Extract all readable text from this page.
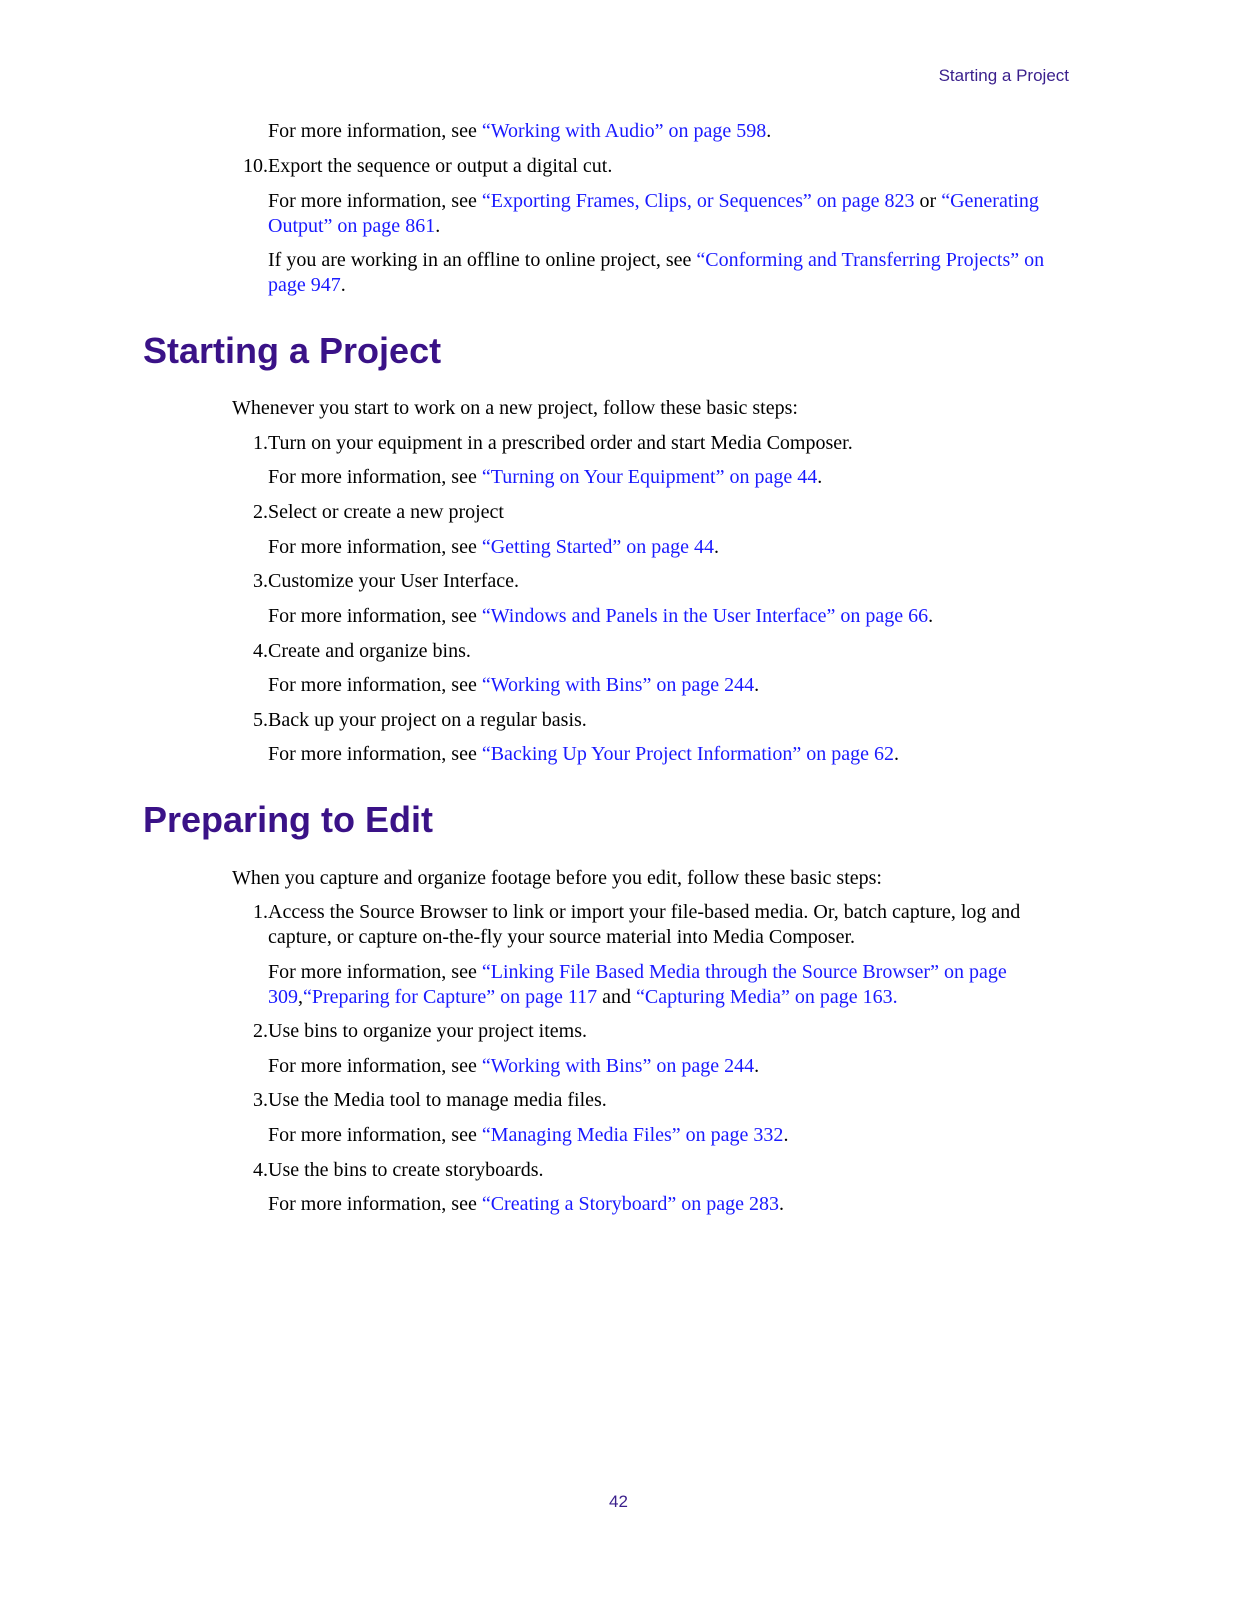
Starting a Project
For more information, see “Working with Audio” on page 598.
10. Export the sequence or output a digital cut.
For more information, see “Exporting Frames, Clips, or Sequences” on page 823 or “Generating Output” on page 861.
If you are working in an offline to online project, see “Conforming and Transferring Projects” on page 947.
Starting a Project
Whenever you start to work on a new project, follow these basic steps:
1. Turn on your equipment in a prescribed order and start Media Composer.
For more information, see “Turning on Your Equipment” on page 44.
2. Select or create a new project
For more information, see “Getting Started” on page 44.
3. Customize your User Interface.
For more information, see “Windows and Panels in the User Interface” on page 66.
4. Create and organize bins.
For more information, see “Working with Bins” on page 244.
5. Back up your project on a regular basis.
For more information, see “Backing Up Your Project Information” on page 62.
Preparing to Edit
When you capture and organize footage before you edit, follow these basic steps:
1. Access the Source Browser to link or import your file-based media. Or, batch capture, log and capture, or capture on-the-fly your source material into Media Composer.
For more information, see “Linking File Based Media through the Source Browser” on page 309,“Preparing for Capture” on page 117 and “Capturing Media” on page 163.
2. Use bins to organize your project items.
For more information, see “Working with Bins” on page 244.
3. Use the Media tool to manage media files.
For more information, see “Managing Media Files” on page 332.
4. Use the bins to create storyboards.
For more information, see “Creating a Storyboard” on page 283.
42
